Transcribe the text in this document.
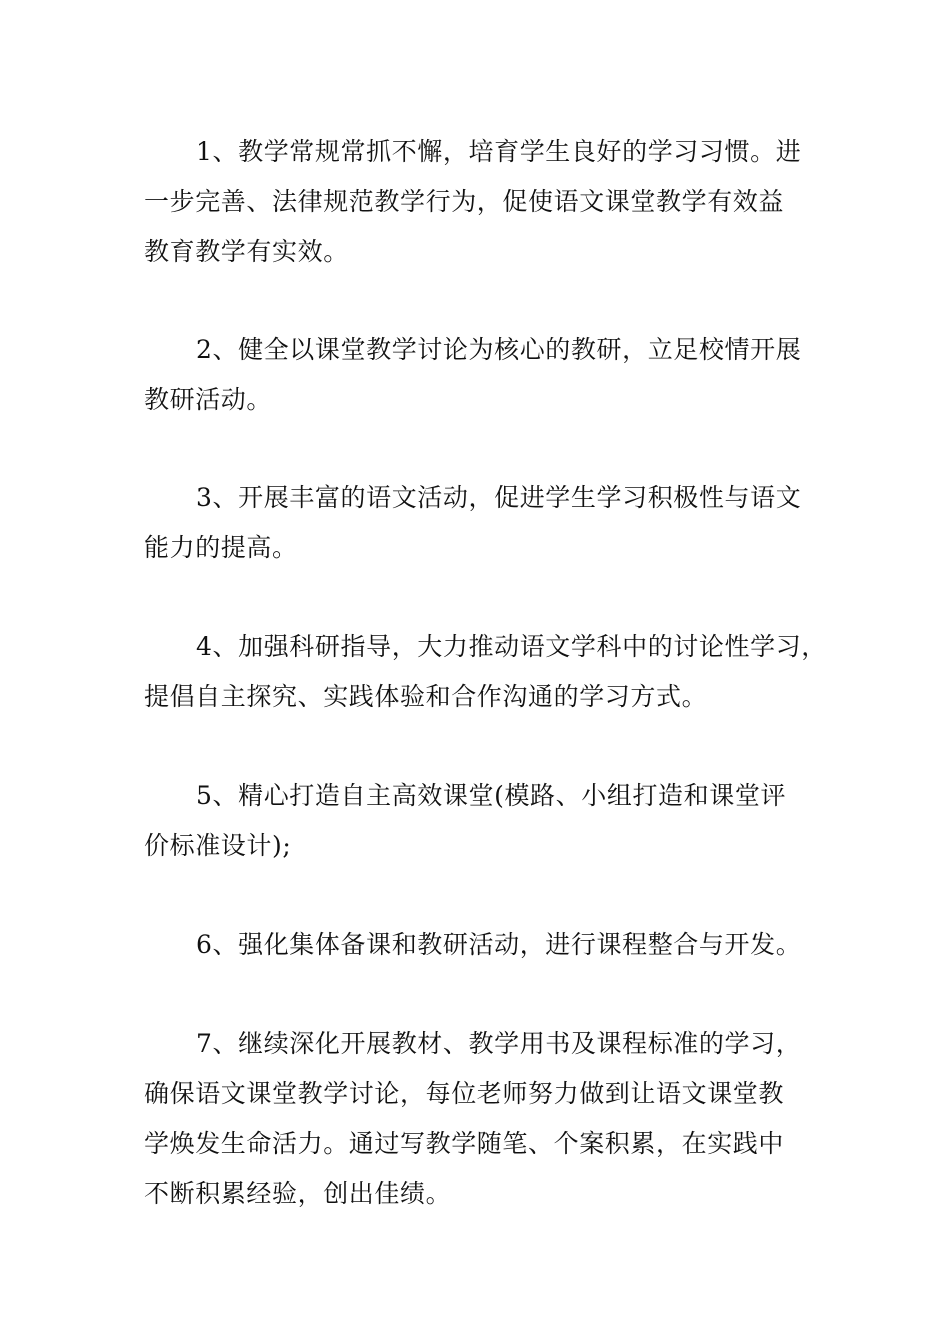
1、教学常规常抓不懈，培育学生良好的学习习惯。进
一步完善、法律规范教学行为，促使语文课堂教学有效益
教育教学有实效。

2、健全以课堂教学讨论为核心的教研，立足校情开展
教研活动。

3、开展丰富的语文活动，促进学生学习积极性与语文
能力的提高。

4、加强科研指导，大力推动语文学科中的讨论性学习，
提倡自主探究、实践体验和合作沟通的学习方式。

5、精心打造自主高效课堂(模路、小组打造和课堂评
价标准设计);

6、强化集体备课和教研活动，进行课程整合与开发。

7、继续深化开展教材、教学用书及课程标准的学习，
确保语文课堂教学讨论，每位老师努力做到让语文课堂教
学焕发生命活力。通过写教学随笔、个案积累，在实践中
不断积累经验，创出佳绩。
